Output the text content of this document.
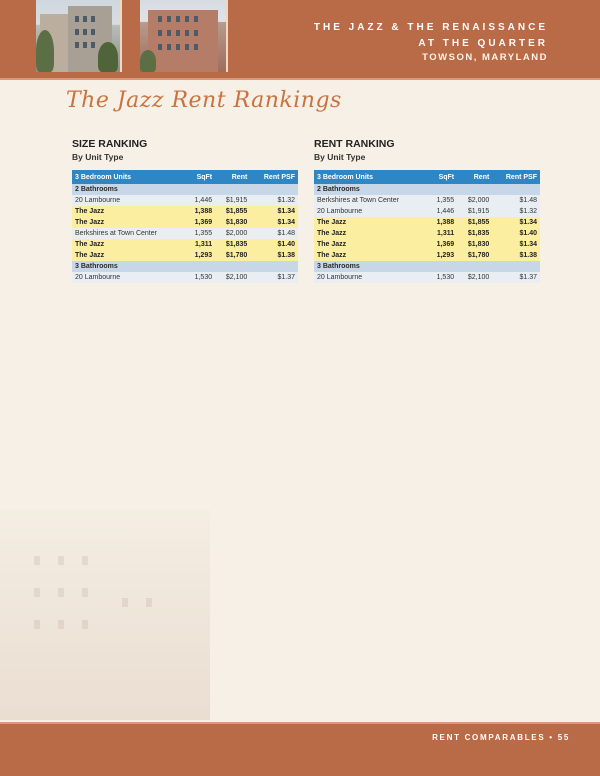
THE JAZZ & THE RENAISSANCE
AT THE QUARTER
TOWSON, MARYLAND
The Jazz Rent Rankings
SIZE RANKING
By Unit Type
3 Bedroom Units	SqFt	Rent	Rent PSF
2 Bathrooms			
20 Lambourne	1,446	$1,915	$1.32
The Jazz	1,388	$1,855	$1.34
The Jazz	1,369	$1,830	$1.34
Berkshires at Town Center	1,355	$2,000	$1.48
The Jazz	1,311	$1,835	$1.40
The Jazz	1,293	$1,780	$1.38
3 Bathrooms			
20 Lambourne	1,530	$2,100	$1.37
RENT RANKING
By Unit Type
3 Bedroom Units	SqFt	Rent	Rent PSF
2 Bathrooms			
Berkshires at Town Center	1,355	$2,000	$1.48
20 Lambourne	1,446	$1,915	$1.32
The Jazz	1,388	$1,855	$1.34
The Jazz	1,311	$1,835	$1.40
The Jazz	1,369	$1,830	$1.34
The Jazz	1,293	$1,780	$1.38
3 Bathrooms			
20 Lambourne	1,530	$2,100	$1.37
RENT COMPARABLES • 55
